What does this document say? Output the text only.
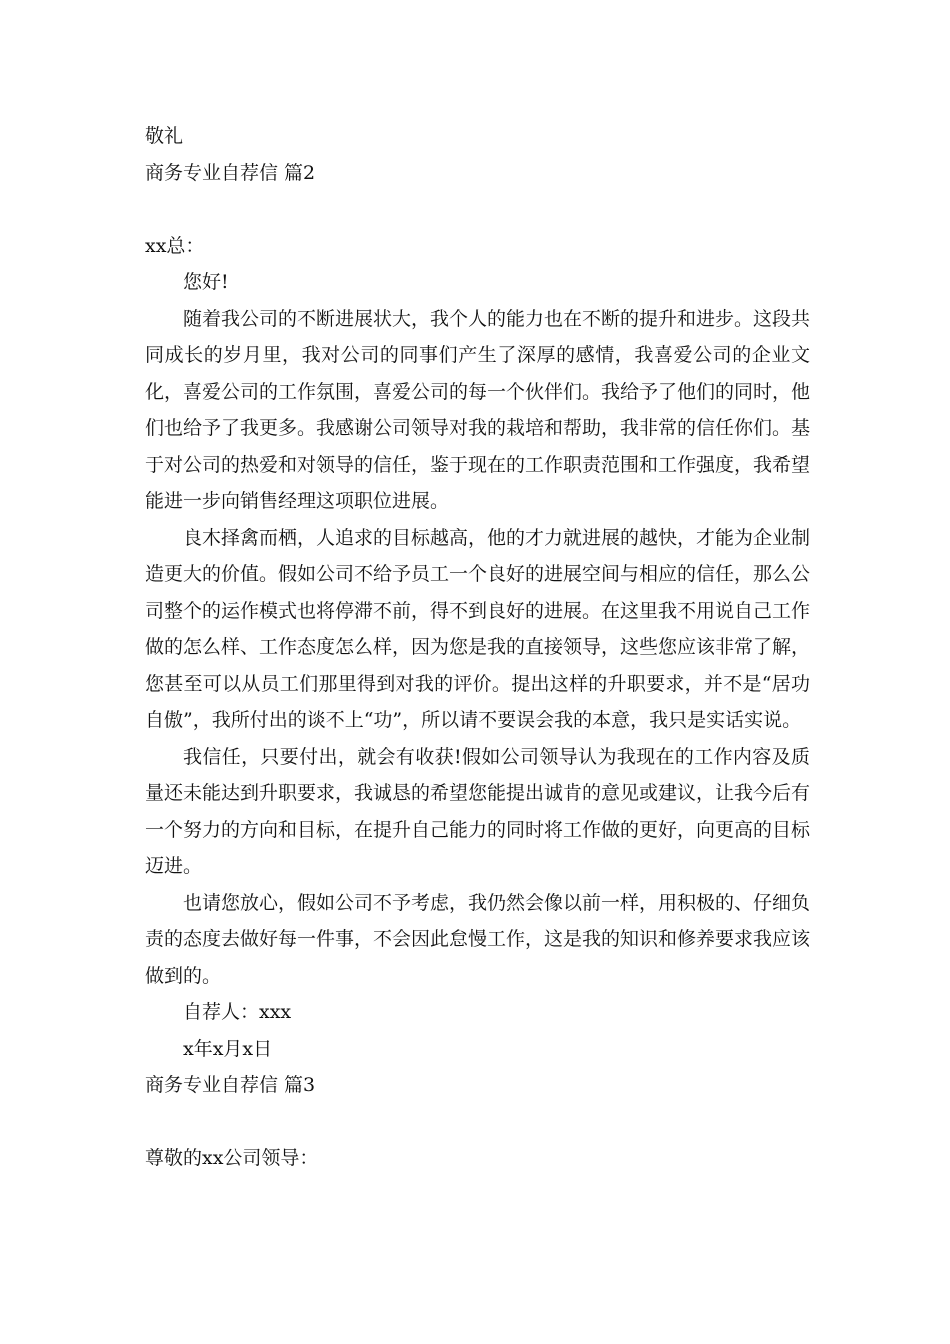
敬礼
商务专业自荐信 篇2
xx总：
您好!

随着我公司的不断进展状大，我个人的能力也在不断的提升和进步。这段共同成长的岁月里，我对公司的同事们产生了深厚的感情，我喜爱公司的企业文化，喜爱公司的工作氛围，喜爱公司的每一个伙伴们。我给予了他们的同时，他们也给予了我更多。我感谢公司领导对我的栽培和帮助，我非常的信任你们。基于对公司的热爱和对领导的信任，鉴于现在的工作职责范围和工作强度，我希望能进一步向销售经理这项职位进展。

良木择禽而栖，人追求的目标越高，他的才力就进展的越快，才能为企业制造更大的价值。假如公司不给予员工一个良好的进展空间与相应的信任，那么公司整个的运作模式也将停滞不前，得不到良好的进展。在这里我不用说自己工作做的怎么样、工作态度怎么样，因为您是我的直接领导，这些您应该非常了解，您甚至可以从员工们那里得到对我的评价。提出这样的升职要求，并不是“居功自傲”，我所付出的谈不上“功”，所以请不要误会我的本意，我只是实话实说。

我信任，只要付出，就会有收获!假如公司领导认为我现在的工作内容及质量还未能达到升职要求，我诚恳的希望您能提出诚肯的意见或建议，让我今后有一个努力的方向和目标，在提升自己能力的同时将工作做的更好，向更高的目标迈进。

也请您放心，假如公司不予考虑，我仍然会像以前一样，用积极的、仔细负责的态度去做好每一件事，不会因此怠慢工作，这是我的知识和修养要求我应该做到的。

自荐人：xxx
x年x月x日
商务专业自荐信 篇3
尊敬的xx公司领导：
